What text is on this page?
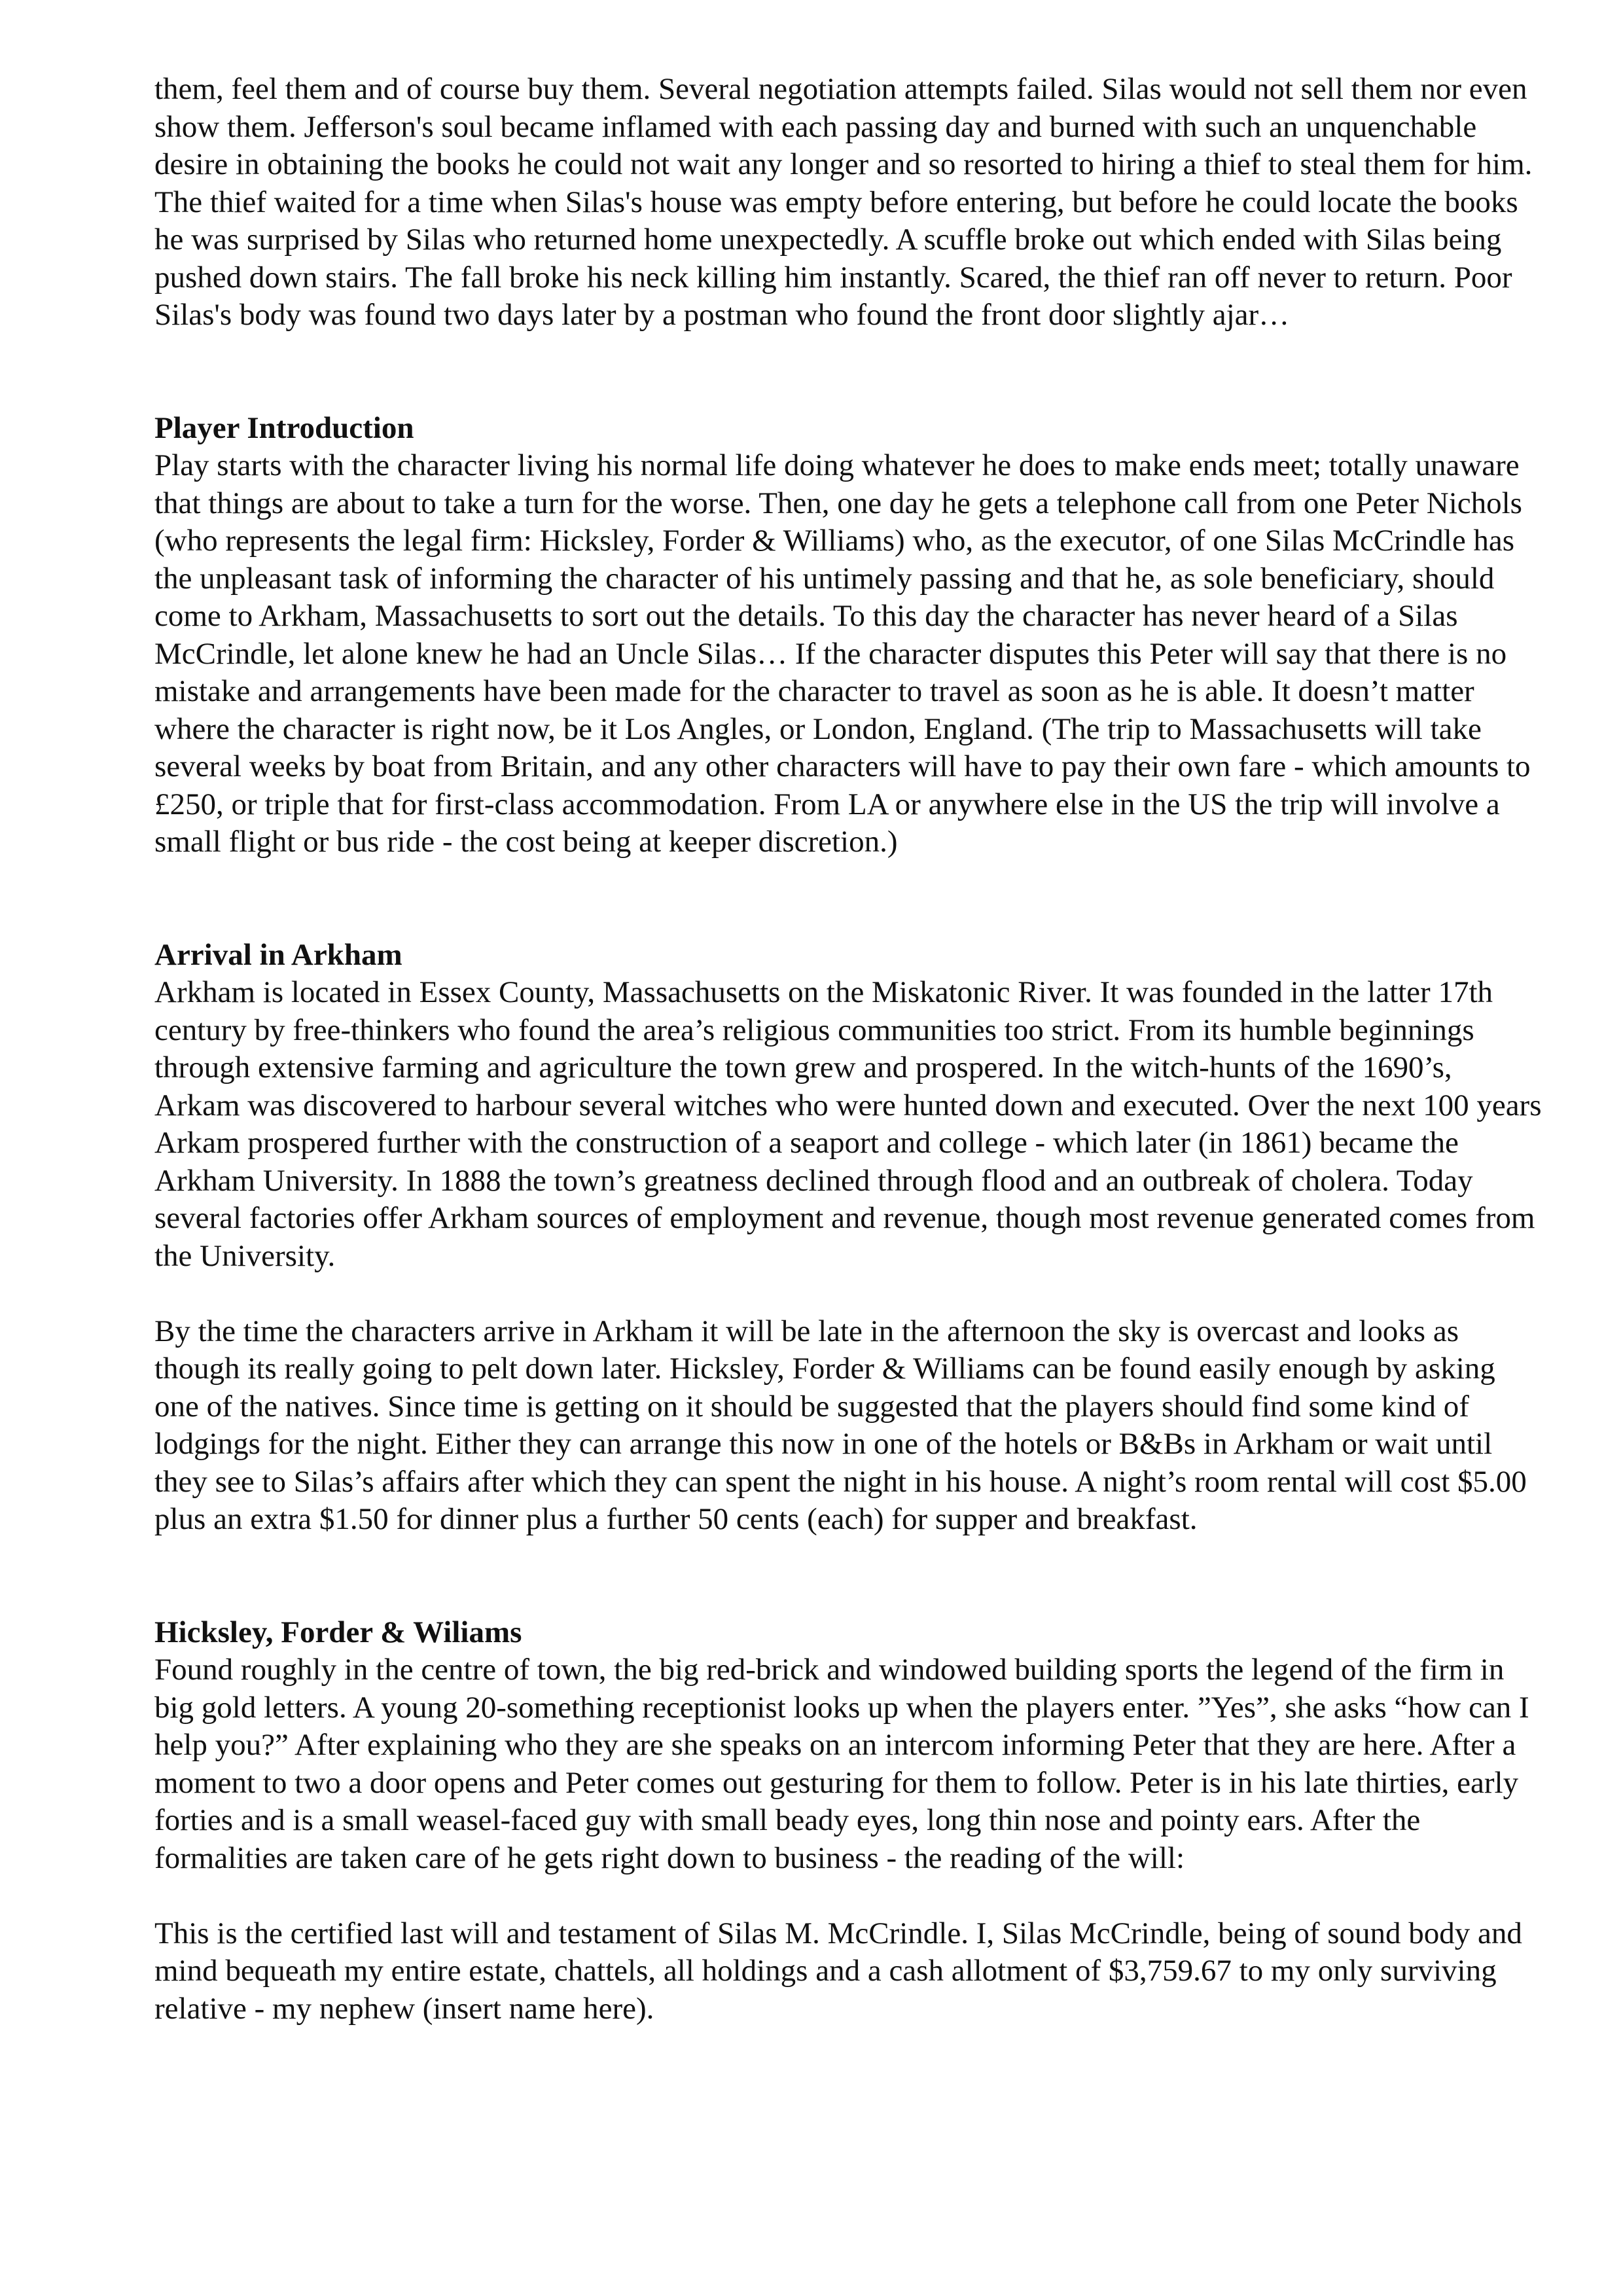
them, feel them and of course buy them. Several negotiation attempts failed. Silas would not sell them nor even show them. Jefferson's soul became inflamed with each passing day and burned with such an unquenchable desire in obtaining the books he could not wait any longer and so resorted to hiring a thief to steal them for him. The thief waited for a time when Silas's house was empty before entering, but before he could locate the books he was surprised by Silas who returned home unexpectedly. A scuffle broke out which ended with Silas being pushed down stairs. The fall broke his neck killing him instantly. Scared, the thief ran off never to return. Poor Silas's body was found two days later by a postman who found the front door slightly ajar…

Player Introduction

Play starts with the character living his normal life doing whatever he does to make ends meet; totally unaware that things are about to take a turn for the worse. Then, one day he gets a telephone call from one Peter Nichols (who represents the legal firm: Hicksley, Forder & Williams) who, as the executor, of one Silas McCrindle has the unpleasant task of informing the character of his untimely passing and that he, as sole beneficiary, should come to Arkham, Massachusetts to sort out the details. To this day the character has never heard of a Silas McCrindle, let alone knew he had an Uncle Silas… If the character disputes this Peter will say that there is no mistake and arrangements have been made for the character to travel as soon as he is able. It doesn’t matter where the character is right now, be it Los Angles, or London, England. (The trip to Massachusetts will take several weeks by boat from Britain, and any other characters will have to pay their own fare - which amounts to £250, or triple that for first-class accommodation. From LA or anywhere else in the US the trip will involve a small flight or bus ride - the cost being at keeper discretion.)

Arrival in Arkham

Arkham is located in Essex County, Massachusetts on the Miskatonic River. It was founded in the latter 17th century by free-thinkers who found the area’s religious communities too strict. From its humble beginnings through extensive farming and agriculture the town grew and prospered. In the witch-hunts of the 1690’s, Arkam was discovered to harbour several witches who were hunted down and executed. Over the next 100 years Arkam prospered further with the construction of a seaport and college - which later (in 1861) became the Arkham University. In 1888 the town’s greatness declined through flood and an outbreak of cholera. Today several factories offer Arkham sources of employment and revenue, though most revenue generated comes from the University.

By the time the characters arrive in Arkham it will be late in the afternoon the sky is overcast and looks as though its really going to pelt down later. Hicksley, Forder & Williams can be found easily enough by asking one of the natives. Since time is getting on it should be suggested that the players should find some kind of lodgings for the night. Either they can arrange this now in one of the hotels or B&Bs in Arkham or wait until they see to Silas’s affairs after which they can spent the night in his house. A night’s room rental will cost $5.00 plus an extra $1.50 for dinner plus a further 50 cents (each) for supper and breakfast.

Hicksley, Forder & Wiliams

Found roughly in the centre of town, the big red-brick and windowed building sports the legend of the firm in big gold letters. A young 20-something receptionist looks up when the players enter. ”Yes”, she asks “how can I help you?” After explaining who they are she speaks on an intercom informing Peter that they are here. After a moment to two a door opens and Peter comes out gesturing for them to follow. Peter is in his late thirties, early forties and is a small weasel-faced guy with small beady eyes, long thin nose and pointy ears. After the formalities are taken care of he gets right down to business - the reading of the will:

This is the certified last will and testament of Silas M. McCrindle. I, Silas McCrindle, being of sound body and mind bequeath my entire estate, chattels, all holdings and a cash allotment of $3,759.67 to my only surviving relative - my nephew (insert name here).
